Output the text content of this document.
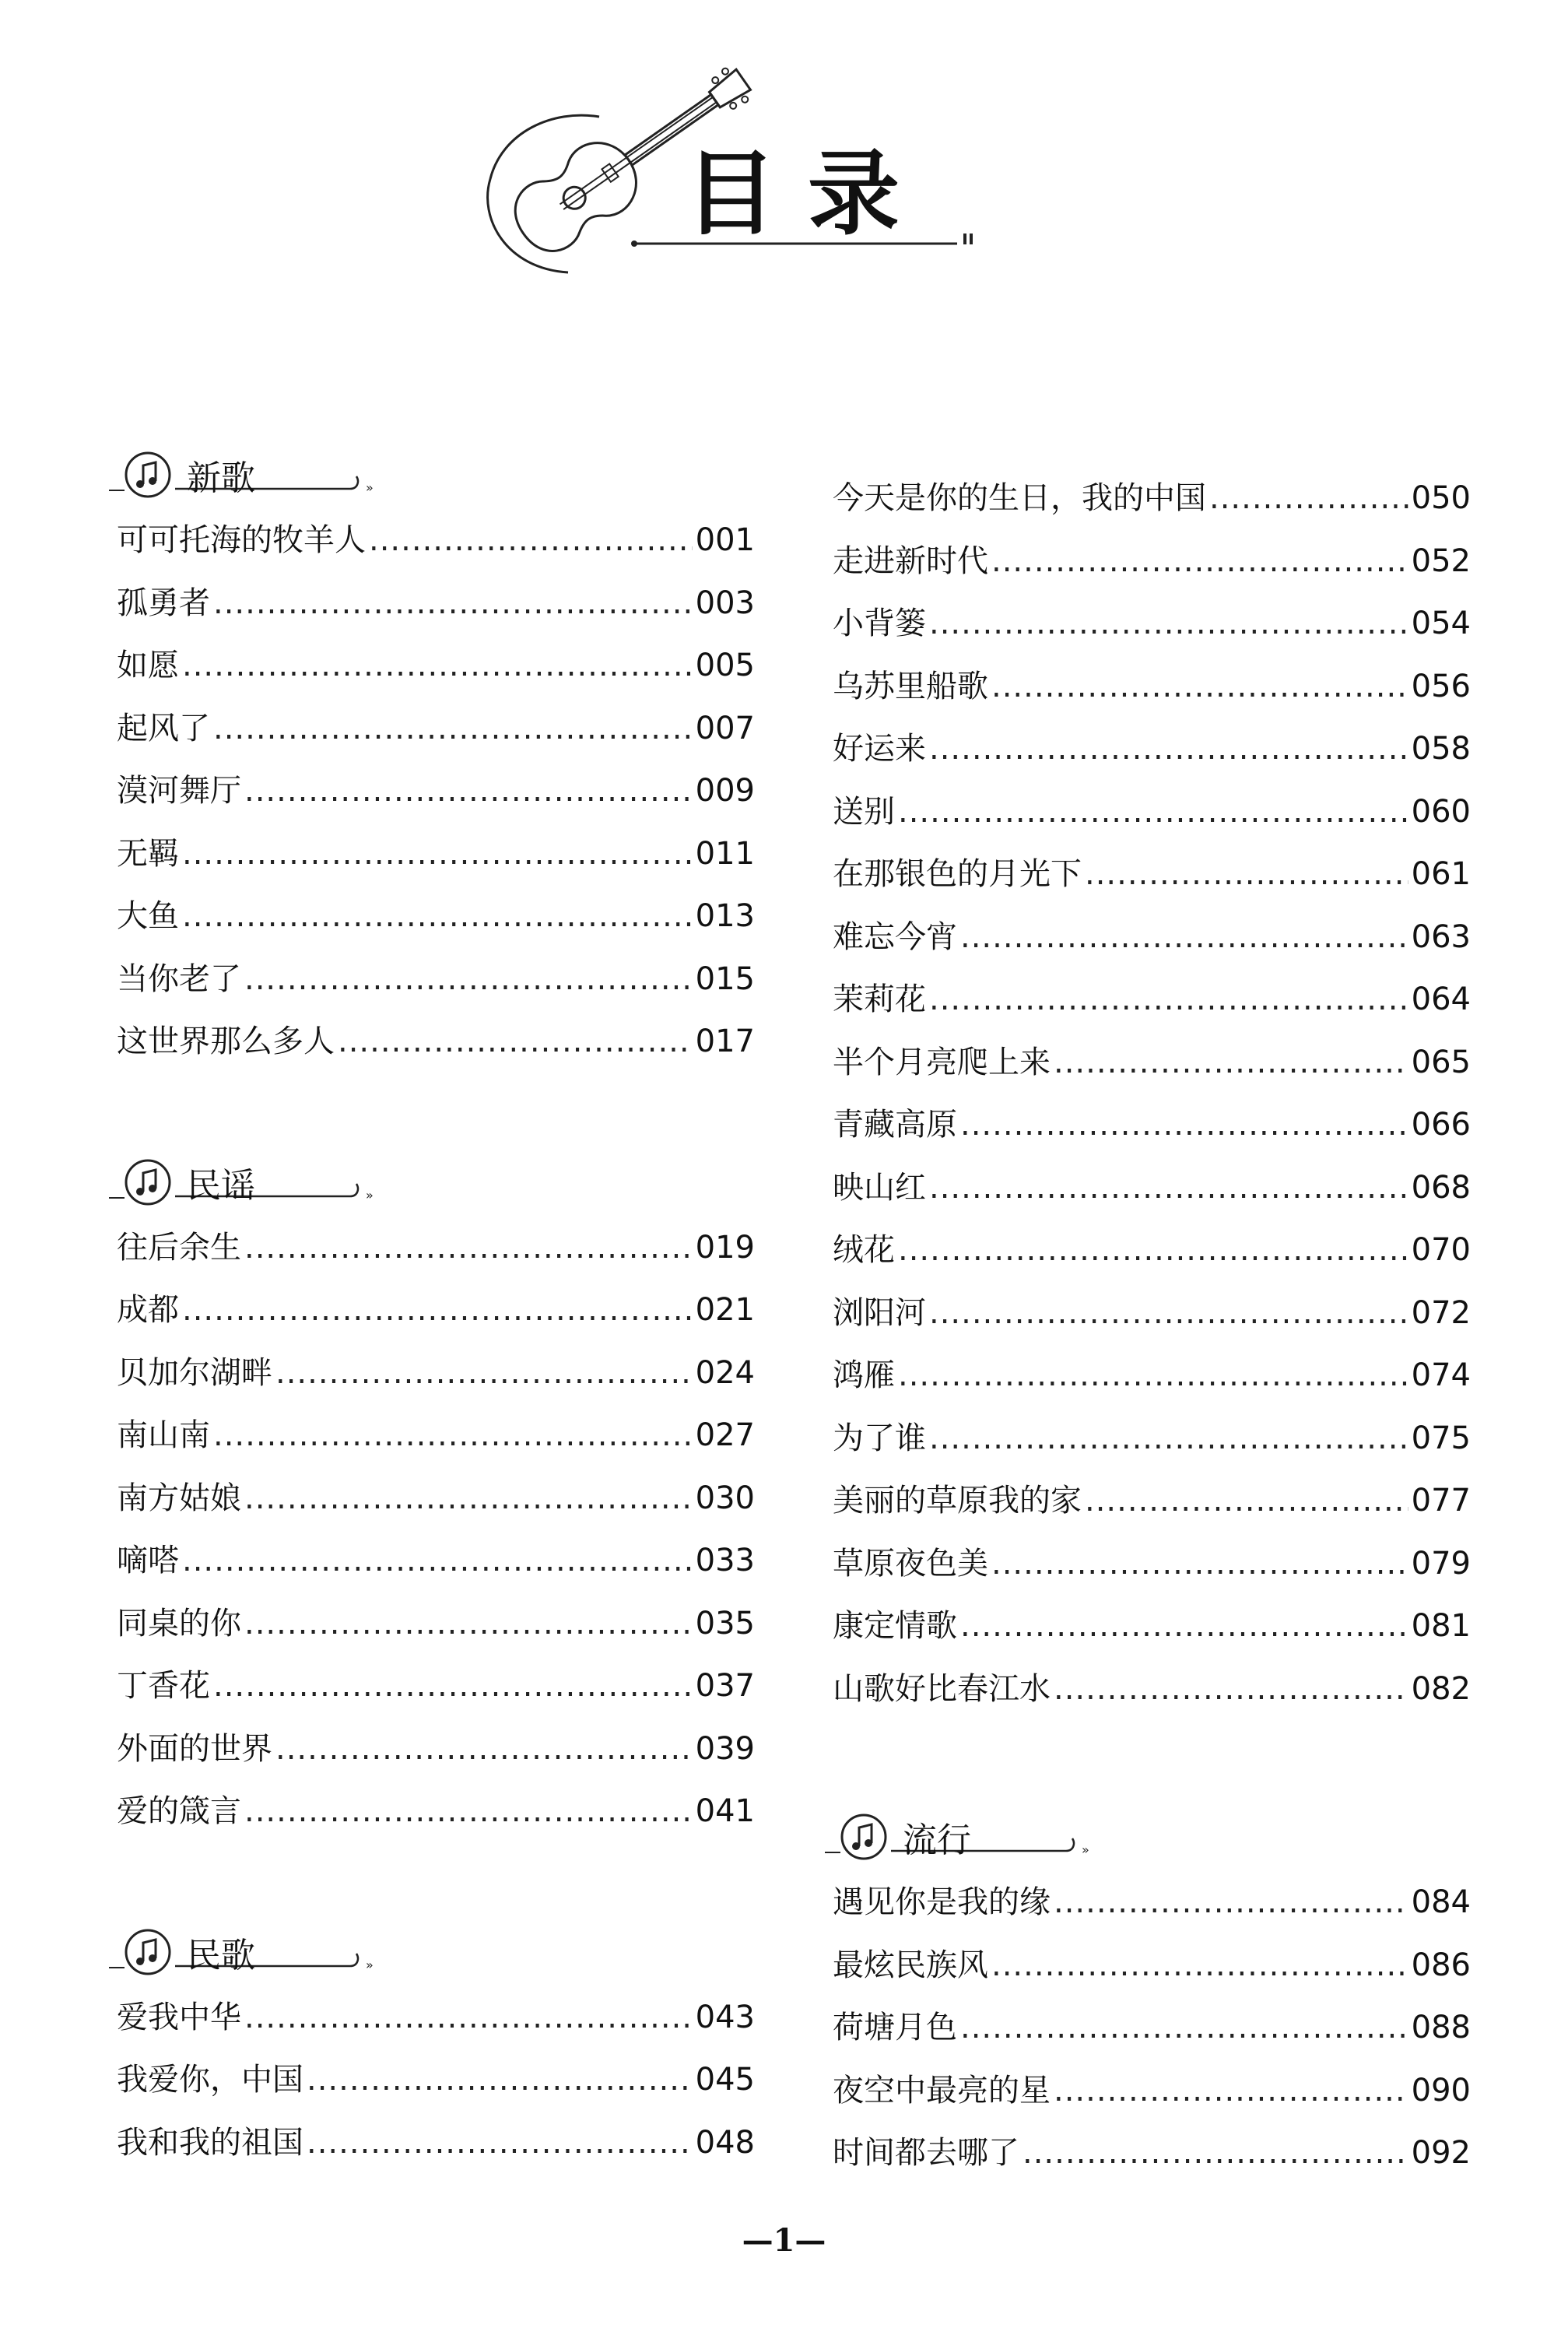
目录
»
新歌
可可托海的牧羊人 .....	001
孤勇者 .....	003
如愿 .....	005
起风了 .....	007
漠河舞厅 .....	009
无羁 .....	011
大鱼 .....	013
当你老了 .....	015
这世界那么多人 .....	017
»
民谣
往后余生 .....	019
成都 .....	021
贝加尔湖畔 .....	024
南山南 .....	027
南方姑娘 .....	030
嘀嗒 .....	033
同桌的你 .....	035
丁香花 .....	037
外面的世界 .....	039
爱的箴言 .....	041
»
民歌
爱我中华 .....	043
我爱你，中国 .....	045
我和我的祖国 .....	048
今天是你的生日，我的中国 .....	050
走进新时代 .....	052
小背篓 .....	054
乌苏里船歌 .....	056
好运来 .....	058
送别 .....	060
在那银色的月光下 .....	061
难忘今宵 .....	063
茉莉花 .....	064
半个月亮爬上来 .....	065
青藏高原 .....	066
映山红 .....	068
绒花 .....	070
浏阳河 .....	072
鸿雁 .....	074
为了谁 .....	075
美丽的草原我的家 .....	077
草原夜色美 .....	079
康定情歌 .....	081
山歌好比春江水 .....	082
»
流行
遇见你是我的缘 .....	084
最炫民族风 .....	086
荷塘月色 .....	088
夜空中最亮的星 .....	090
时间都去哪了 .....	092
—1—
